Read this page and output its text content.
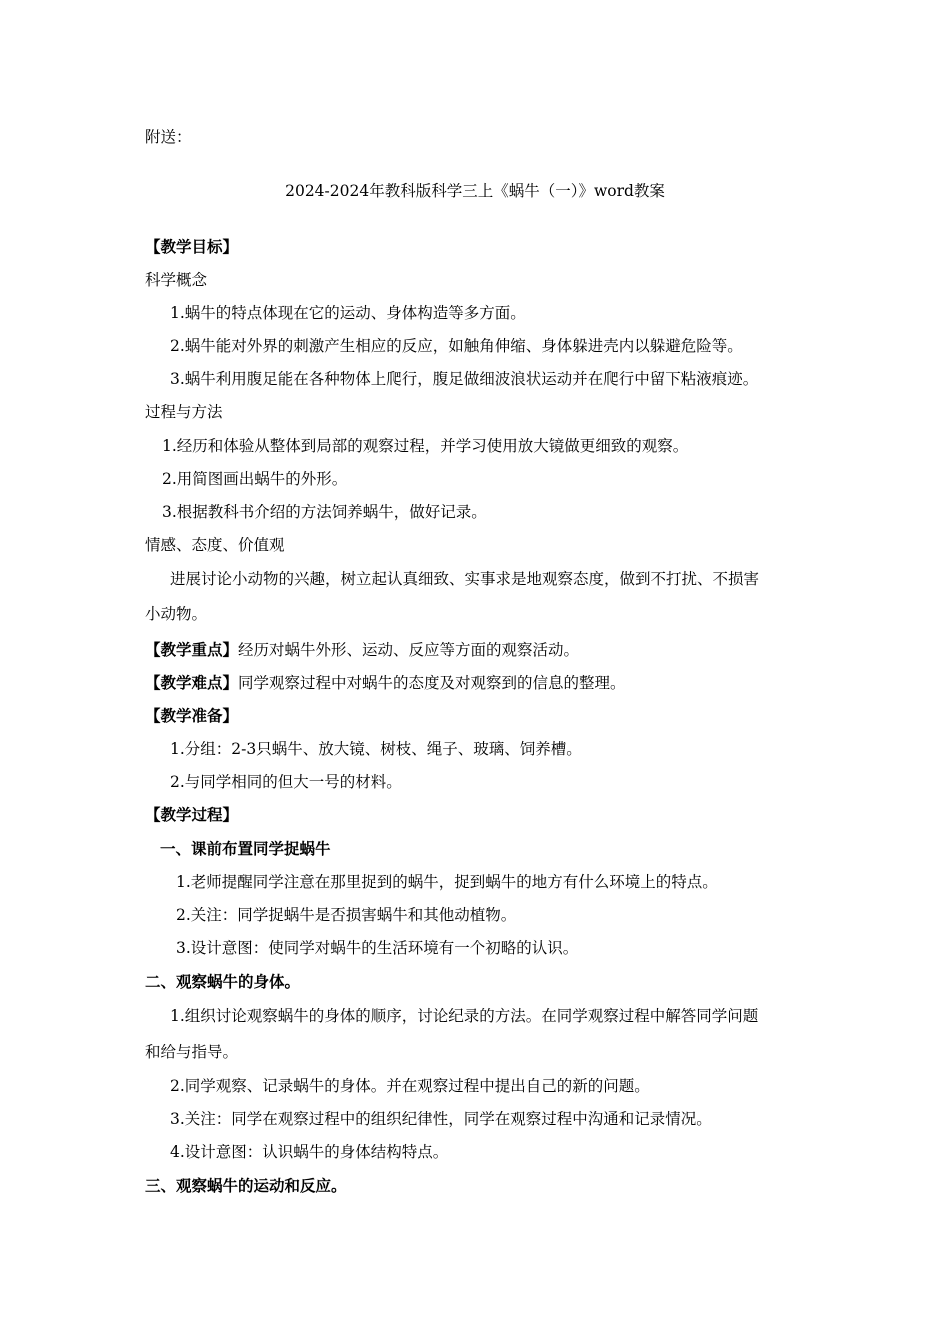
附送：
2024-2024年教科版科学三上《蜗牛（一）》word教案
【教学目标】
科学概念
1.蜗牛的特点体现在它的运动、身体构造等多方面。
2.蜗牛能对外界的刺激产生相应的反应，如触角伸缩、身体躲进壳内以躲避危险等。
3.蜗牛利用腹足能在各种物体上爬行，腹足做细波浪状运动并在爬行中留下粘液痕迹。
过程与方法
1.经历和体验从整体到局部的观察过程，并学习使用放大镜做更细致的观察。
2.用简图画出蜗牛的外形。
3.根据教科书介绍的方法饲养蜗牛，做好记录。
情感、态度、价值观
进展讨论小动物的兴趣，树立起认真细致、实事求是地观察态度，做到不打扰、不损害
小动物。
【教学重点】经历对蜗牛外形、运动、反应等方面的观察活动。
【教学难点】同学观察过程中对蜗牛的态度及对观察到的信息的整理。
【教学准备】
1.分组：2-3只蜗牛、放大镜、树枝、绳子、玻璃、饲养槽。
2.与同学相同的但大一号的材料。
【教学过程】
一、课前布置同学捉蜗牛
1.老师提醒同学注意在那里捉到的蜗牛，捉到蜗牛的地方有什么环境上的特点。
2.关注：同学捉蜗牛是否损害蜗牛和其他动植物。
3.设计意图：使同学对蜗牛的生活环境有一个初略的认识。
二、观察蜗牛的身体。
1.组织讨论观察蜗牛的身体的顺序，讨论纪录的方法。在同学观察过程中解答同学问题
和给与指导。
2.同学观察、记录蜗牛的身体。并在观察过程中提出自己的新的问题。
3.关注：同学在观察过程中的组织纪律性，同学在观察过程中沟通和记录情况。
4.设计意图：认识蜗牛的身体结构特点。
三、观察蜗牛的运动和反应。
